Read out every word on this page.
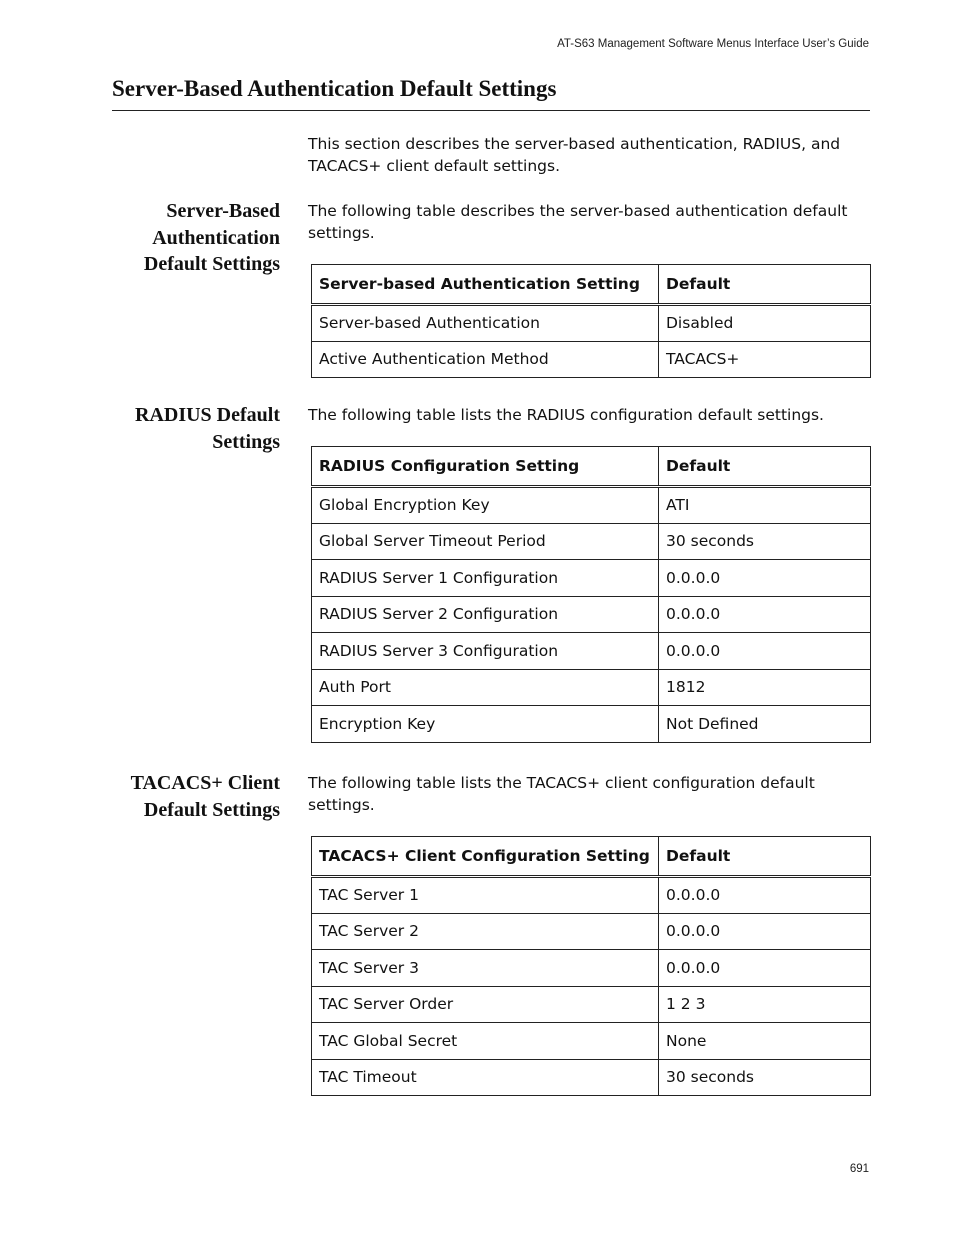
AT-S63 Management Software Menus Interface User’s Guide
Server-Based Authentication Default Settings

This section describes the server-based authentication, RADIUS, and TACACS+ client default settings.

Server-Based
Authentication
Default Settings

The following table describes the server-based authentication default settings.

Server-based Authentication Setting	Default
Server-based Authentication	Disabled
Active Authentication Method	TACACS+
RADIUS Default
Settings

The following table lists the RADIUS configuration default settings.

RADIUS Configuration Setting	Default
Global Encryption Key	ATI
Global Server Timeout Period	30 seconds
RADIUS Server 1 Configuration	0.0.0.0
RADIUS Server 2 Configuration	0.0.0.0
RADIUS Server 3 Configuration	0.0.0.0
Auth Port	1812
Encryption Key	Not Defined
TACACS+ Client
Default Settings

The following table lists the TACACS+ client configuration default settings.

TACACS+ Client Configuration Setting	Default
TAC Server 1	0.0.0.0
TAC Server 2	0.0.0.0
TAC Server 3	0.0.0.0
TAC Server Order	1 2 3
TAC Global Secret	None
TAC Timeout	30 seconds
691
